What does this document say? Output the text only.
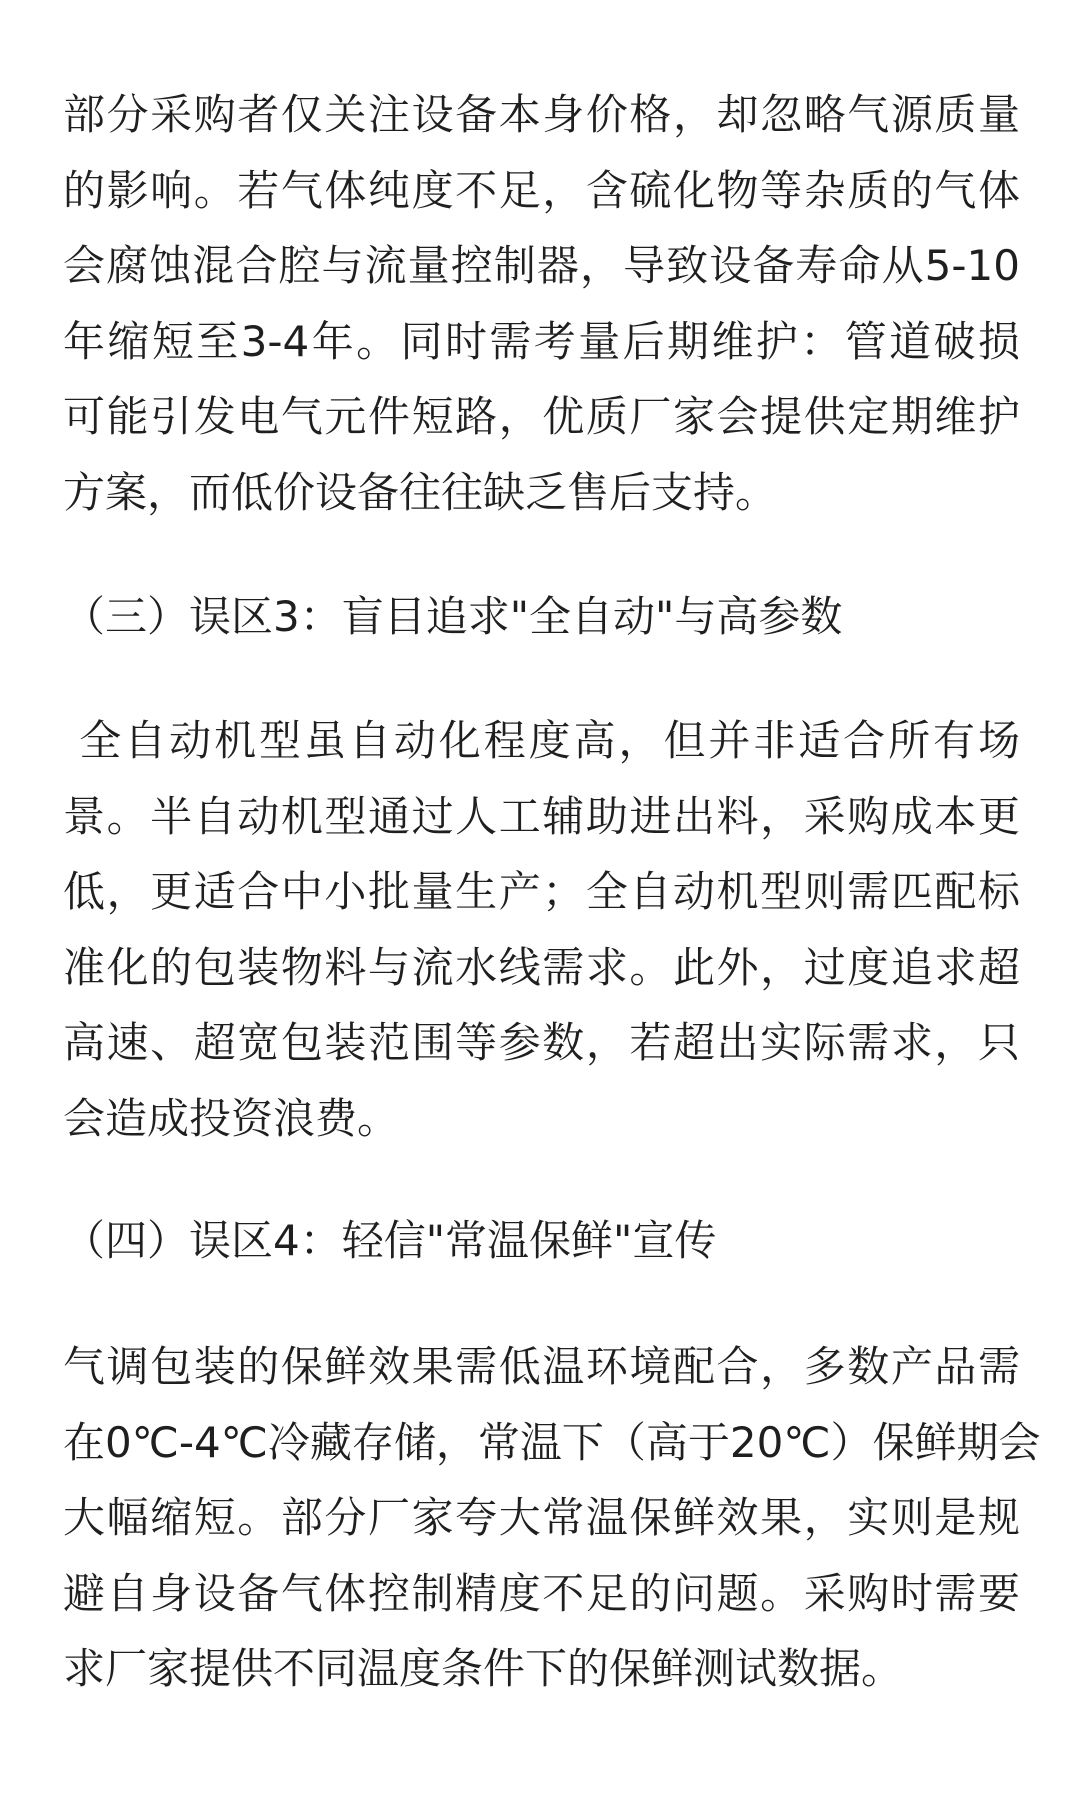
部分采购者仅关注设备本身价格，却忽略气源质量
的影响。若气体纯度不足，含硫化物等杂质的气体
会腐蚀混合腔与流量控制器，导致设备寿命从5-10
年缩短至3-4年。同时需考量后期维护：管道破损
可能引发电气元件短路，优质厂家会提供定期维护
方案，而低价设备往往缺乏售后支持。
（三）误区3：盲目追求"全自动"与高参数
全自动机型虽自动化程度高，但并非适合所有场
景。半自动机型通过人工辅助进出料，采购成本更
低，更适合中小批量生产；全自动机型则需匹配标
准化的包装物料与流水线需求。此外，过度追求超
高速、超宽包装范围等参数，若超出实际需求，只
会造成投资浪费。
（四）误区4：轻信"常温保鲜"宣传
气调包装的保鲜效果需低温环境配合，多数产品需
在0℃-4℃冷藏存储，常温下（高于20℃）保鲜期会
大幅缩短。部分厂家夸大常温保鲜效果，实则是规
避自身设备气体控制精度不足的问题。采购时需要
求厂家提供不同温度条件下的保鲜测试数据。
